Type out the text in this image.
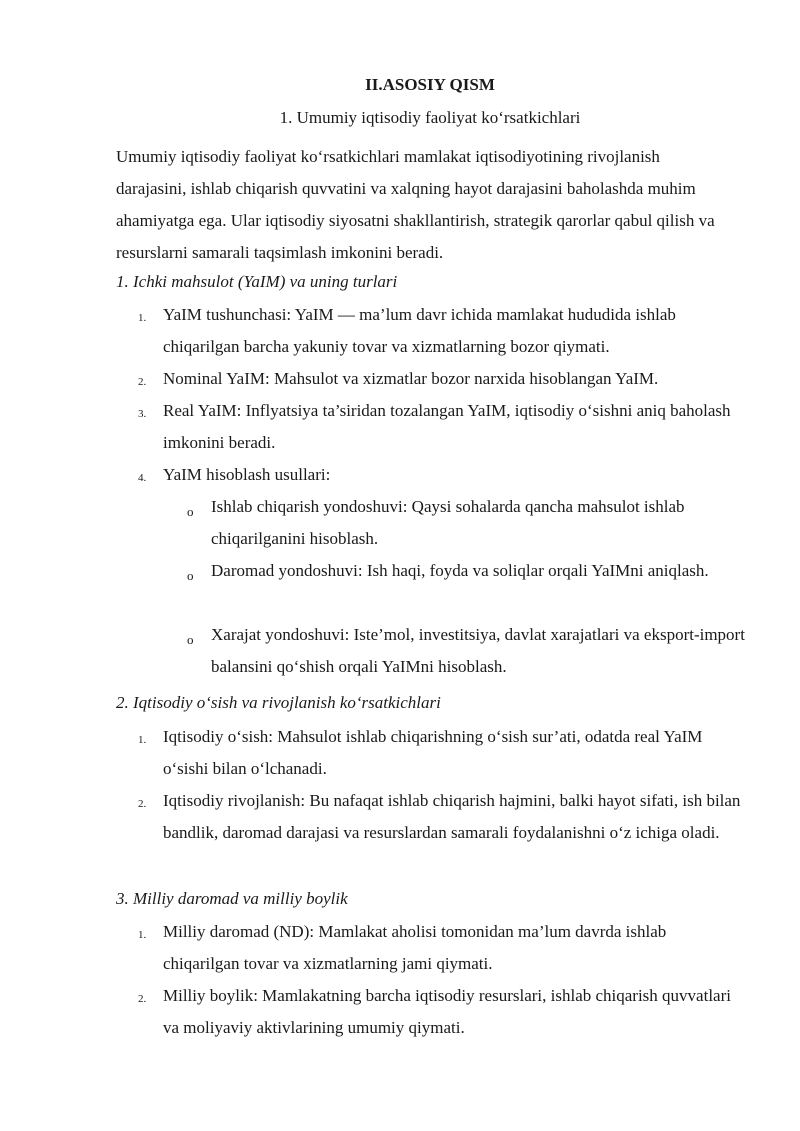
II.ASOSIY QISM
1. Umumiy iqtisodiy faoliyat koʻrsatkichlari
Umumiy iqtisodiy faoliyat koʻrsatkichlari mamlakat iqtisodiyotining rivojlanish darajasini, ishlab chiqarish quvvatini va xalqning hayot darajasini baholashda muhim ahamiyatga ega. Ular iqtisodiy siyosatni shakllantirish, strategik qarorlar qabul qilish va resurslarni samarali taqsimlash imkonini beradi.
1. Ichki mahsulot (YaIM) va uning turlari
1. YaIM tushunchasi: YaIM — ma’lum davr ichida mamlakat hududida ishlab chiqarilgan barcha yakuniy tovar va xizmatlarning bozor qiymati.
2. Nominal YaIM: Mahsulot va xizmatlar bozor narxida hisoblangan YaIM.
3. Real YaIM: Inflyatsiya ta’siridan tozalangan YaIM, iqtisodiy oʻsishni aniq baholash imkonini beradi.
4. YaIM hisoblash usullari:
o Ishlab chiqarish yondoshuvi: Qaysi sohalarda qancha mahsulot ishlab chiqarilganini hisoblash.
o Daromad yondoshuvi: Ish haqi, foyda va soliqlar orqali YaIMni aniqlash.
o Xarajat yondoshuvi: Iste’mol, investitsiya, davlat xarajatlari va eksport-import balansini qoʻshish orqali YaIMni hisoblash.
2. Iqtisodiy oʻsish va rivojlanish koʻrsatkichlari
1. Iqtisodiy oʻsish: Mahsulot ishlab chiqarishning oʻsish sur’ati, odatda real YaIM oʻsishi bilan oʻlchanadi.
2. Iqtisodiy rivojlanish: Bu nafaqat ishlab chiqarish hajmini, balki hayot sifati, ish bilan bandlik, daromad darajasi va resurslardan samarali foydalanishni oʻz ichiga oladi.
3. Milliy daromad va milliy boylik
1. Milliy daromad (ND): Mamlakat aholisi tomonidan ma’lum davrda ishlab chiqarilgan tovar va xizmatlarning jami qiymati.
2. Milliy boylik: Mamlakatning barcha iqtisodiy resurslari, ishlab chiqarish quvvatlari va moliyaviy aktivlarining umumiy qiymati.
